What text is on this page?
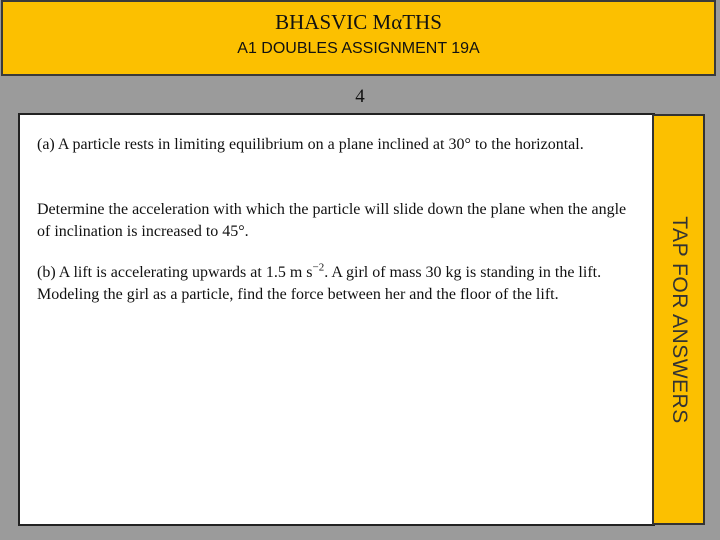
BHASVIC MαTHS
A1 DOUBLES ASSIGNMENT 19A
4
(a) A particle rests in limiting equilibrium on a plane inclined at 30° to the horizontal.
Determine the acceleration with which the particle will slide down the plane when the angle of inclination is increased to 45°.
(b) A lift is accelerating upwards at 1.5 m $s^{-2}$. A girl of mass 30 kg is standing in the lift. Modeling the girl as a particle, find the force between her and the floor of the lift.	TAP FOR ANSWERS
